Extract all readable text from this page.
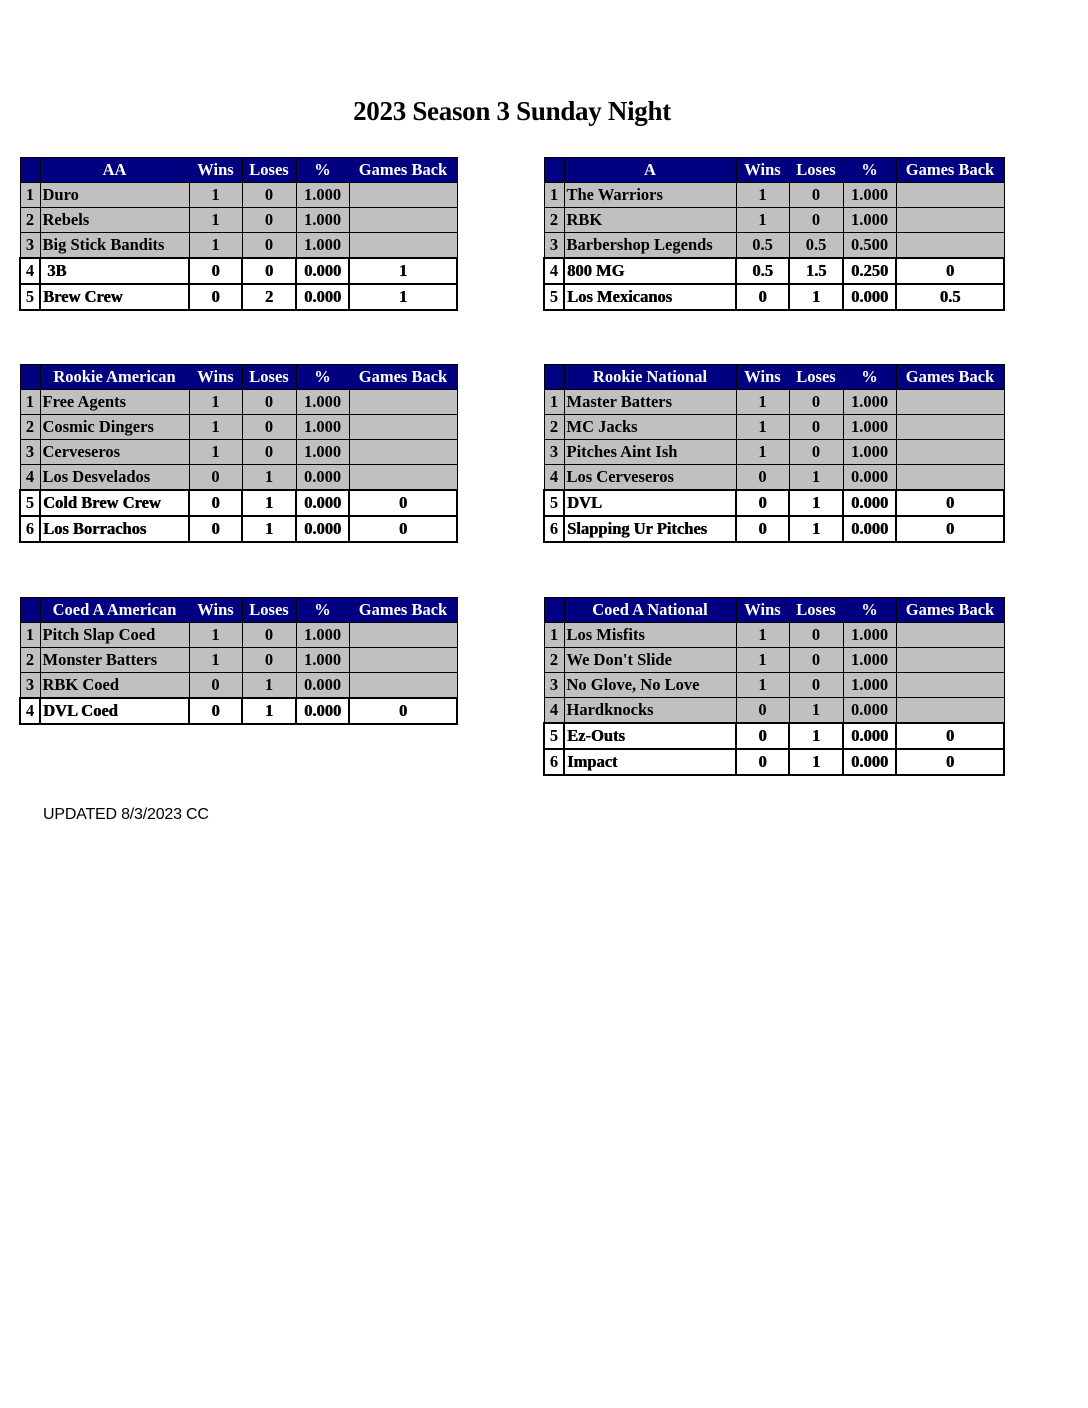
2023 Season 3 Sunday Night
	AA	Wins	Loses	%	Games Back
1	Duro	1	0	1.000	
2	Rebels	1	0	1.000	
3	Big Stick Bandits	1	0	1.000	
4	3B	0	0	0.000	1
5	Brew Crew	0	2	0.000	1
	A	Wins	Loses	%	Games Back
1	The Warriors	1	0	1.000	
2	RBK	1	0	1.000	
3	Barbershop Legends	0.5	0.5	0.500	
4	800 MG	0.5	1.5	0.250	0
5	Los Mexicanos	0	1	0.000	0.5
	Rookie American	Wins	Loses	%	Games Back
1	Free Agents	1	0	1.000	
2	Cosmic Dingers	1	0	1.000	
3	Cerveseros	1	0	1.000	
4	Los Desvelados	0	1	0.000	
5	Cold Brew Crew	0	1	0.000	0
6	Los Borrachos	0	1	0.000	0
	Rookie National	Wins	Loses	%	Games Back
1	Master Batters	1	0	1.000	
2	MC Jacks	1	0	1.000	
3	Pitches Aint Ish	1	0	1.000	
4	Los Cerveseros	0	1	0.000	
5	DVL	0	1	0.000	0
6	Slapping Ur Pitches	0	1	0.000	0
	Coed A American	Wins	Loses	%	Games Back
1	Pitch Slap Coed	1	0	1.000	
2	Monster Batters	1	0	1.000	
3	RBK Coed	0	1	0.000	
4	DVL Coed	0	1	0.000	0
	Coed A National	Wins	Loses	%	Games Back
1	Los Misfits	1	0	1.000	
2	We Don't Slide	1	0	1.000	
3	No Glove, No Love	1	0	1.000	
4	Hardknocks	0	1	0.000	
5	Ez-Outs	0	1	0.000	0
6	Impact	0	1	0.000	0
UPDATED 8/3/2023 CC
